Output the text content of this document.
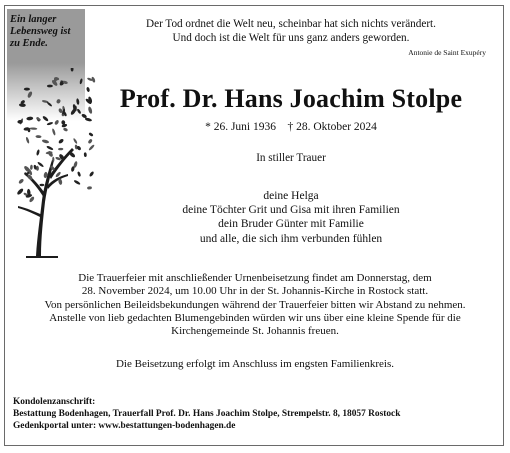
Ein langer
Lebensweg ist
zu Ende.
Der Tod ordnet die Welt neu, scheinbar hat sich nichts verändert.
Und doch ist die Welt für uns ganz anders geworden.
Antonie de Saint Exupéry
Prof. Dr. Hans Joachim Stolpe
* 26. Juni 1936    † 28. Oktober 2024
In stiller Trauer
deine Helga
deine Töchter Grit und Gisa mit ihren Familien
dein Bruder Günter mit Familie
und alle, die sich ihm verbunden fühlen
Die Trauerfeier mit anschließender Urnenbeisetzung findet am Donnerstag, dem
28. November 2024, um 10.00 Uhr in der St. Johannis-Kirche in Rostock statt.
Von persönlichen Beileidsbekundungen während der Trauerfeier bitten wir Abstand zu nehmen.
Anstelle von lieb gedachten Blumengebinden würden wir uns über eine kleine Spende für die
Kirchengemeinde St. Johannis freuen.
Die Beisetzung erfolgt im Anschluss im engsten Familienkreis.
Kondolenzanschrift:
Bestattung Bodenhagen, Trauerfall Prof. Dr. Hans Joachim Stolpe, Strempelstr. 8, 18057 Rostock
Gedenkportal unter: www.bestattungen-bodenhagen.de
